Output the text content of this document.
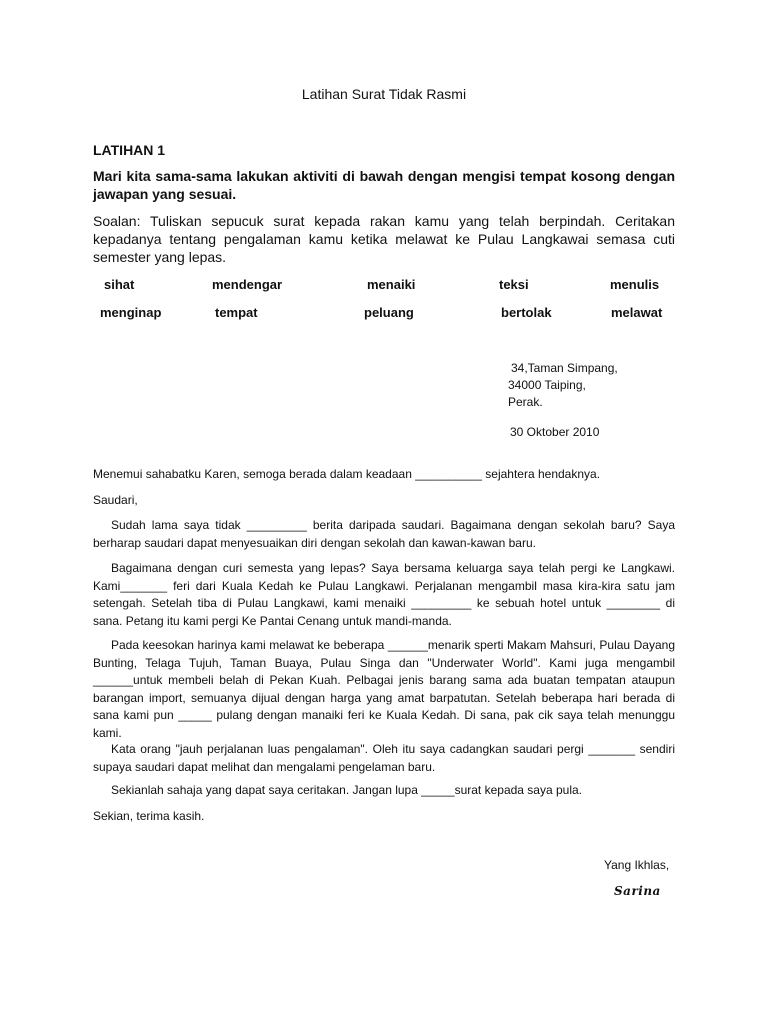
Latihan Surat Tidak Rasmi
LATIHAN 1
Mari kita sama-sama lakukan aktiviti di bawah dengan mengisi tempat kosong dengan jawapan yang sesuai.
Soalan: Tuliskan sepucuk surat kepada rakan kamu yang telah berpindah. Ceritakan kepadanya tentang pengalaman kamu ketika melawat ke Pulau Langkawai semasa cuti semester yang lepas.
sihat	mendengar	menaiki	teksi	menulis
menginap	tempat	peluang	bertolak	melawat
34,Taman Simpang,
34000 Taiping,
Perak.
30 Oktober 2010
Menemui sahabatku Karen, semoga berada dalam keadaan __________ sejahtera hendaknya.
Saudari,
Sudah lama saya tidak _________ berita daripada saudari. Bagaimana dengan sekolah baru? Saya berharap saudari dapat menyesuaikan diri dengan sekolah dan kawan-kawan baru.
Bagaimana dengan curi semesta yang lepas? Saya bersama keluarga saya telah pergi ke Langkawi. Kami_______ feri dari Kuala Kedah ke Pulau Langkawi. Perjalanan mengambil masa kira-kira satu jam setengah. Setelah tiba di Pulau Langkawi, kami menaiki _________ ke sebuah hotel untuk ________ di sana. Petang itu kami pergi Ke Pantai Cenang untuk mandi-manda.
Pada keesokan harinya kami melawat ke beberapa ______menarik sperti Makam Mahsuri, Pulau Dayang Bunting, Telaga Tujuh, Taman Buaya, Pulau Singa dan "Underwater World". Kami juga mengambil ______untuk membeli belah di Pekan Kuah. Pelbagai jenis barang sama ada buatan tempatan ataupun barangan import, semuanya dijual dengan harga yang amat barpatutan. Setelah beberapa hari berada di sana kami pun _____ pulang dengan manaiki feri ke Kuala Kedah. Di sana, pak cik saya telah menunggu kami.
Kata orang "jauh perjalanan luas pengalaman". Oleh itu saya cadangkan saudari pergi _______ sendiri supaya saudari dapat melihat dan mengalami pengelaman baru.
Sekianlah sahaja yang dapat saya ceritakan. Jangan lupa _____surat kepada saya pula.
Sekian, terima kasih.
Yang Ikhlas,
Sarina
